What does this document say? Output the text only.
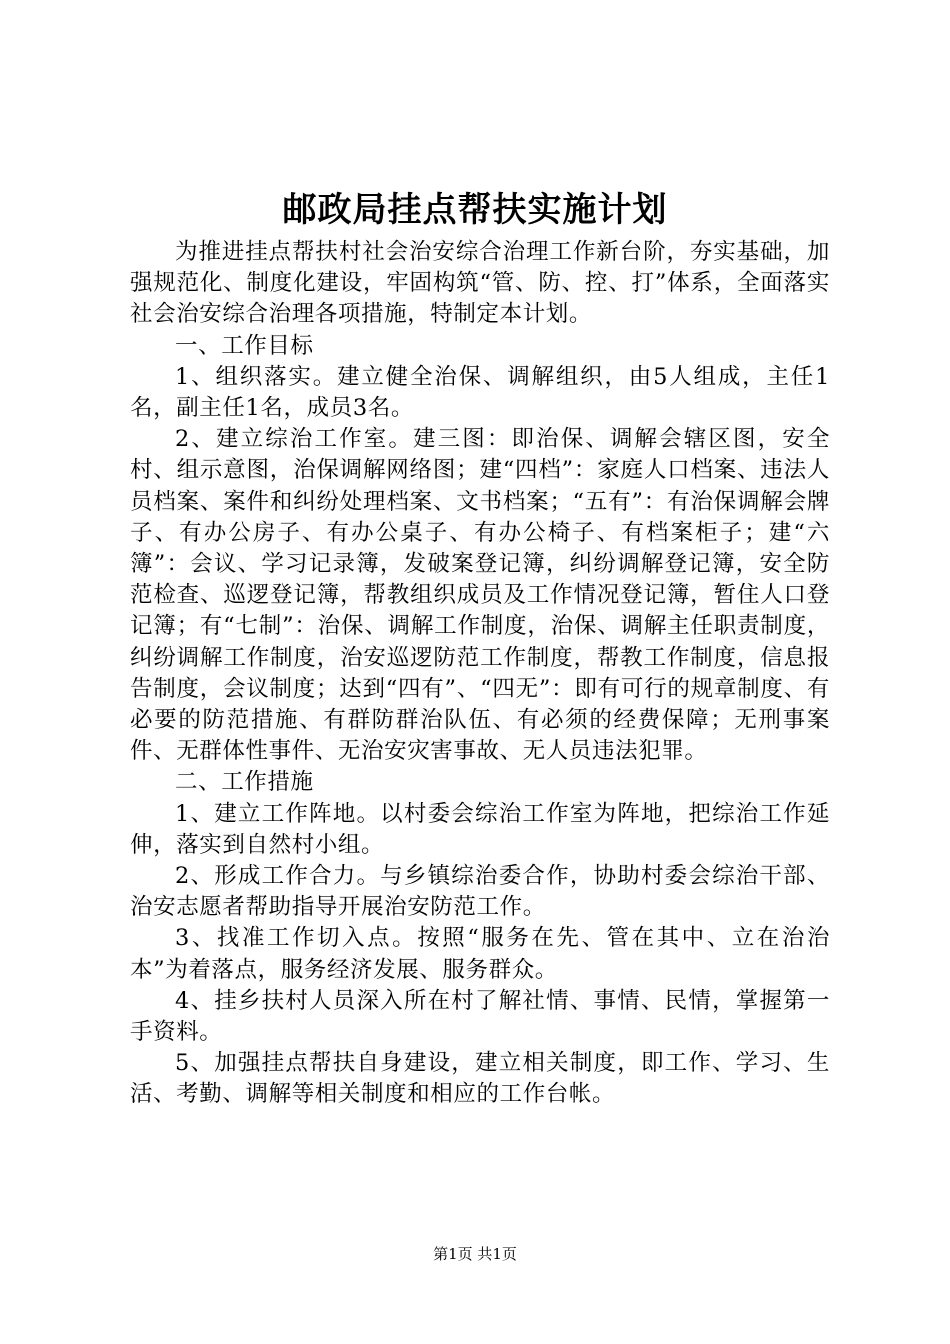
邮政局挂点帮扶实施计划

为推进挂点帮扶村社会治安综合治理工作新台阶，夯实基础，加强规范化、制度化建设，牢固构筑“管、防、控、打”体系，全面落实社会治安综合治理各项措施，特制定本计划。

一、工作目标

1、组织落实。建立健全治保、调解组织，由5人组成，主任1名，副主任1名，成员3名。

2、建立综治工作室。建三图：即治保、调解会辖区图，安全村、组示意图，治保调解网络图；建“四档”：家庭人口档案、违法人员档案、案件和纠纷处理档案、文书档案；“五有”：有治保调解会牌子、有办公房子、有办公桌子、有办公椅子、有档案柜子；建“六簿”：会议、学习记录簿，发破案登记簿，纠纷调解登记簿，安全防范检查、巡逻登记簿，帮教组织成员及工作情况登记簿，暂住人口登记簿；有“七制”：治保、调解工作制度，治保、调解主任职责制度，纠纷调解工作制度，治安巡逻防范工作制度，帮教工作制度，信息报告制度，会议制度；达到“四有”、“四无”：即有可行的规章制度、有必要的防范措施、有群防群治队伍、有必须的经费保障；无刑事案件、无群体性事件、无治安灾害事故、无人员违法犯罪。

二、工作措施

1、建立工作阵地。以村委会综治工作室为阵地，把综治工作延伸，落实到自然村小组。

2、形成工作合力。与乡镇综治委合作，协助村委会综治干部、治安志愿者帮助指导开展治安防范工作。

3、找准工作切入点。按照“服务在先、管在其中、立在治治本”为着落点，服务经济发展、服务群众。

4、挂乡扶村人员深入所在村了解社情、事情、民情，掌握第一手资料。

5、加强挂点帮扶自身建设，建立相关制度，即工作、学习、生活、考勤、调解等相关制度和相应的工作台帐。

第1页 共1页
